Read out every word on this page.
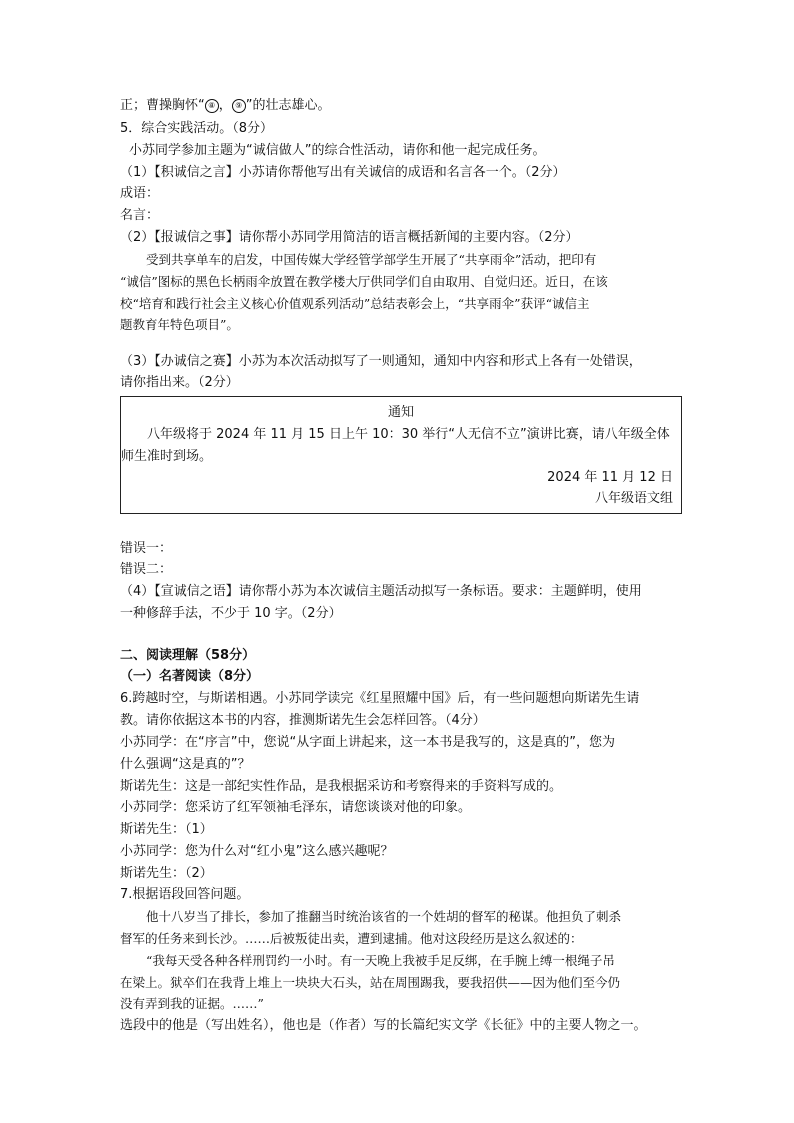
正；曹操胸怀“ ⑧ ， ⑨ ”的壮志雄心。
5．综合实践活动。（8分）
小苏同学参加主题为“诚信做人”的综合性活动，请你和他一起完成任务。
（1）【积诚信之言】小苏请你帮他写出有关诚信的成语和名言各一个。（2分）
成语：
名言：
（2）【报诚信之事】请你帮小苏同学用简洁的语言概括新闻的主要内容。（2分）
受到共享单车的启发，中国传媒大学经管学部学生开展了“共享雨伞”活动，把印有
“诚信”图标的黑色长柄雨伞放置在教学楼大厅供同学们自由取用、自觉归还。近日，在该
校“培育和践行社会主义核心价值观系列活动”总结表彰会上，“共享雨伞”获评“诚信主
题教育年特色项目”。
（3）【办诚信之赛】小苏为本次活动拟写了一则通知，通知中内容和形式上各有一处错误，
请你指出来。（2分）
通知
八年级将于 2024 年 11 月 15 日上午 10：30 举行“人无信不立”演讲比赛，请八年级全体
师生准时到场。
2024 年 11 月 12 日
八年级语文组
错误一：
错误二：
（4）【宣诚信之语】请你帮小苏为本次诚信主题活动拟写一条标语。要求：主题鲜明，使用
一种修辞手法，不少于 10 字。（2分）
二、阅读理解（58分）
（一）名著阅读（8分）
6.跨越时空，与斯诺相遇。小苏同学读完《红星照耀中国》后，有一些问题想向斯诺先生请
教。请你依据这本书的内容，推测斯诺先生会怎样回答。（4分）
小苏同学：在“序言”中，您说“从字面上讲起来，这一本书是我写的，这是真的”，您为
什么强调“这是真的”？
斯诺先生：这是一部纪实性作品，是我根据采访和考察得来的手资料写成的。
小苏同学：您采访了红军领袖毛泽东，请您谈谈对他的印象。
斯诺先生：（1）
小苏同学：您为什么对“红小鬼”这么感兴趣呢？
斯诺先生：（2）
7.根据语段回答问题。
他十八岁当了排长，参加了推翻当时统治该省的一个姓胡的督军的秘谋。他担负了刺杀
督军的任务来到长沙。……后被叛徒出卖，遭到逮捕。他对这段经历是这么叙述的：
“我每天受各种各样刑罚约一小时。有一天晚上我被手足反绑，在手腕上缚一根绳子吊
在梁上。狱卒们在我背上堆上一块块大石头，站在周围踢我，要我招供——因为他们至今仍
没有弄到我的证据。……”
选段中的他是（写出姓名），他也是（作者）写的长篇纪实文学《长征》中的主要人物之一。
